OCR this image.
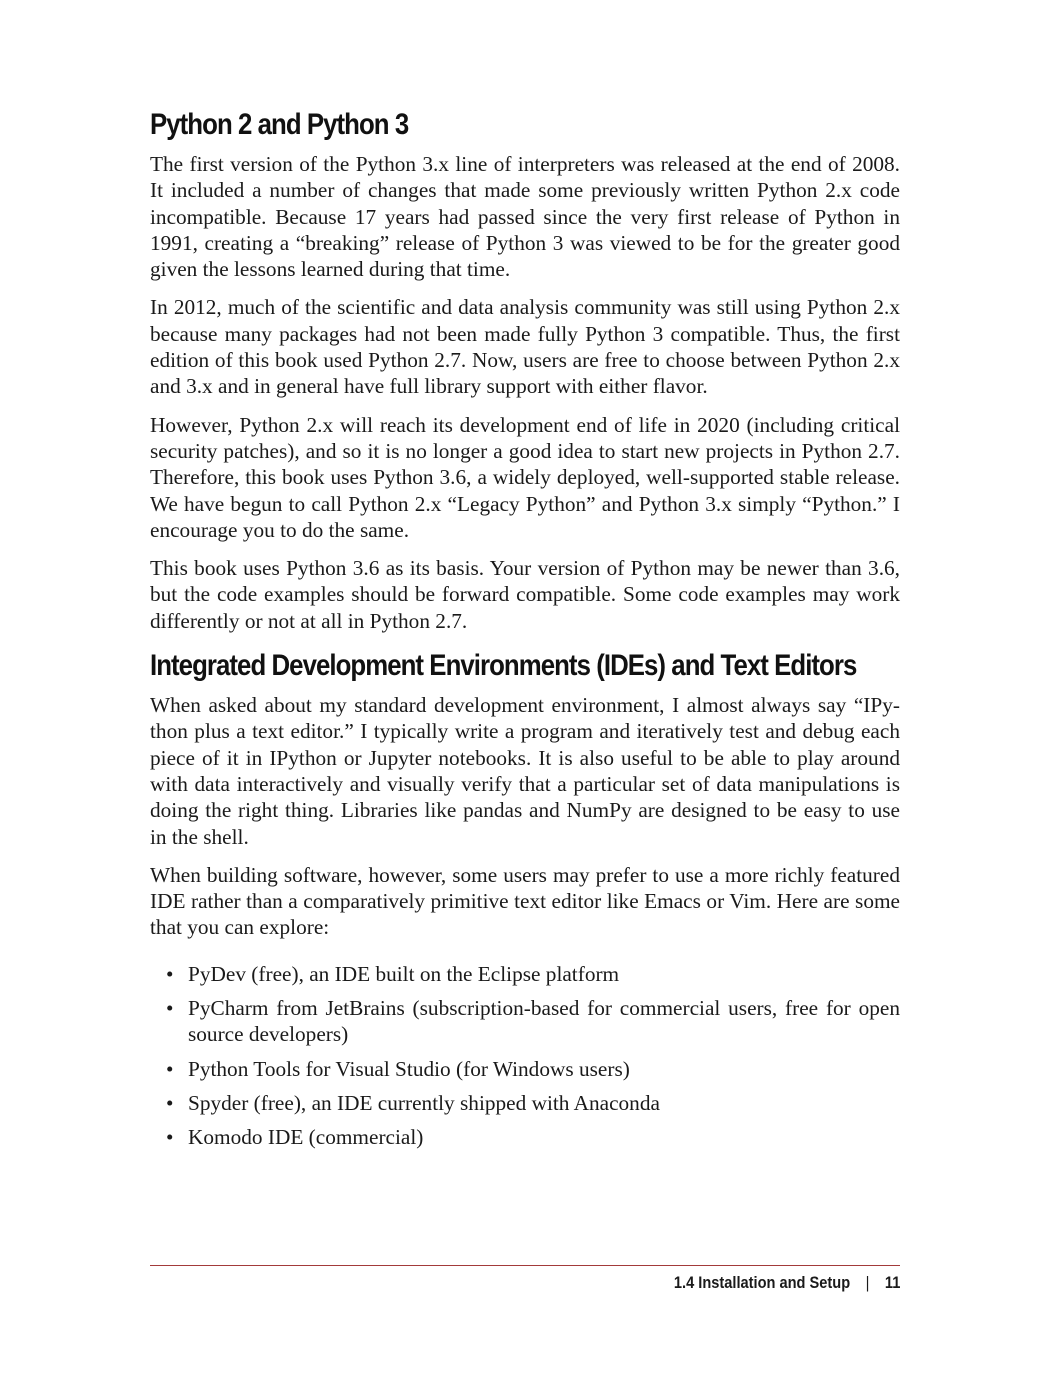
Python 2 and Python 3

The first version of the Python 3.x line of interpreters was released at the end of 2008. It included a number of changes that made some previously written Python 2.x code incompatible. Because 17 years had passed since the very first release of Python in 1991, creating a “breaking” release of Python 3 was viewed to be for the greater good given the lessons learned during that time.

In 2012, much of the scientific and data analysis community was still using Python 2.x because many packages had not been made fully Python 3 compatible. Thus, the first edition of this book used Python 2.7. Now, users are free to choose between Python 2.x and 3.x and in general have full library support with either flavor.

However, Python 2.x will reach its development end of life in 2020 (including critical security patches), and so it is no longer a good idea to start new projects in Python 2.7. Therefore, this book uses Python 3.6, a widely deployed, well-supported stable release. We have begun to call Python 2.x “Legacy Python” and Python 3.x simply “Python.” I encourage you to do the same.

This book uses Python 3.6 as its basis. Your version of Python may be newer than 3.6, but the code examples should be forward compatible. Some code examples may work differently or not at all in Python 2.7.

Integrated Development Environments (IDEs) and Text Editors

When asked about my standard development environment, I almost always say “IPython plus a text editor.” I typically write a program and iteratively test and debug each piece of it in IPython or Jupyter notebooks. It is also useful to be able to play around with data interactively and visually verify that a particular set of data manipulations is doing the right thing. Libraries like pandas and NumPy are designed to be easy to use in the shell.

When building software, however, some users may prefer to use a more richly featured IDE rather than a comparatively primitive text editor like Emacs or Vim. Here are some that you can explore:

• PyDev (free), an IDE built on the Eclipse platform
• PyCharm from JetBrains (subscription-based for commercial users, free for open source developers)
• Python Tools for Visual Studio (for Windows users)
• Spyder (free), an IDE currently shipped with Anaconda
• Komodo IDE (commercial)
1.4 Installation and Setup | 11
